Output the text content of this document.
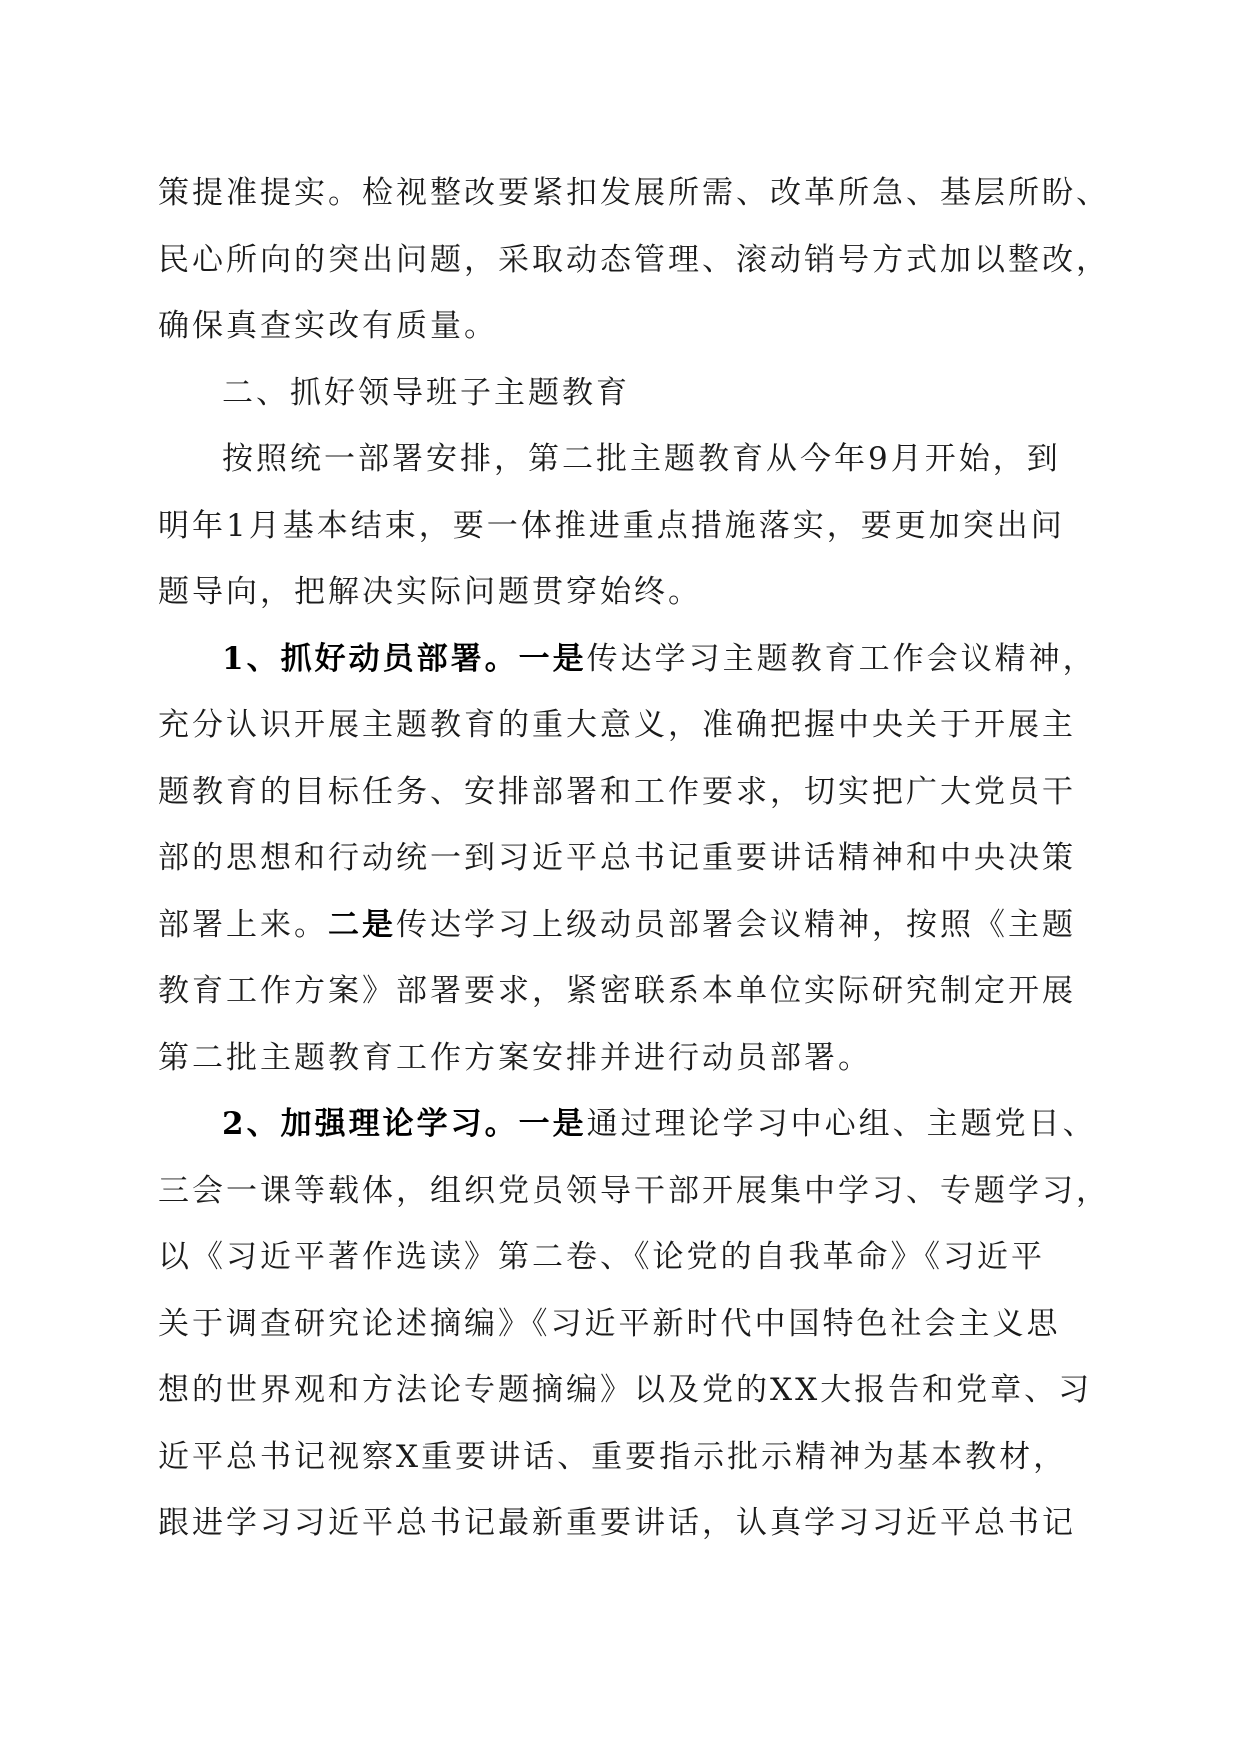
策提准提实。检视整改要紧扣发展所需、改革所急、基层所盼、
民心所向的突出问题，采取动态管理、滚动销号方式加以整改，
确保真查实改有质量。
二、抓好领导班子主题教育
按照统一部署安排，第二批主题教育从今年9月开始，到
明年1月基本结束，要一体推进重点措施落实，要更加突出问
题导向，把解决实际问题贯穿始终。
1、抓好动员部署。一是传达学习主题教育工作会议精神，
充分认识开展主题教育的重大意义，准确把握中央关于开展主
题教育的目标任务、安排部署和工作要求，切实把广大党员干
部的思想和行动统一到习近平总书记重要讲话精神和中央决策
部署上来。二是传达学习上级动员部署会议精神，按照《主题
教育工作方案》部署要求，紧密联系本单位实际研究制定开展
第二批主题教育工作方案安排并进行动员部署。
2、加强理论学习。一是通过理论学习中心组、主题党日、
三会一课等载体，组织党员领导干部开展集中学习、专题学习，
以《习近平著作选读》第二卷、《论党的自我革命》《习近平
关于调查研究论述摘编》《习近平新时代中国特色社会主义思
想的世界观和方法论专题摘编》以及党的XX大报告和党章、习
近平总书记视察X重要讲话、重要指示批示精神为基本教材，
跟进学习习近平总书记最新重要讲话，认真学习习近平总书记
